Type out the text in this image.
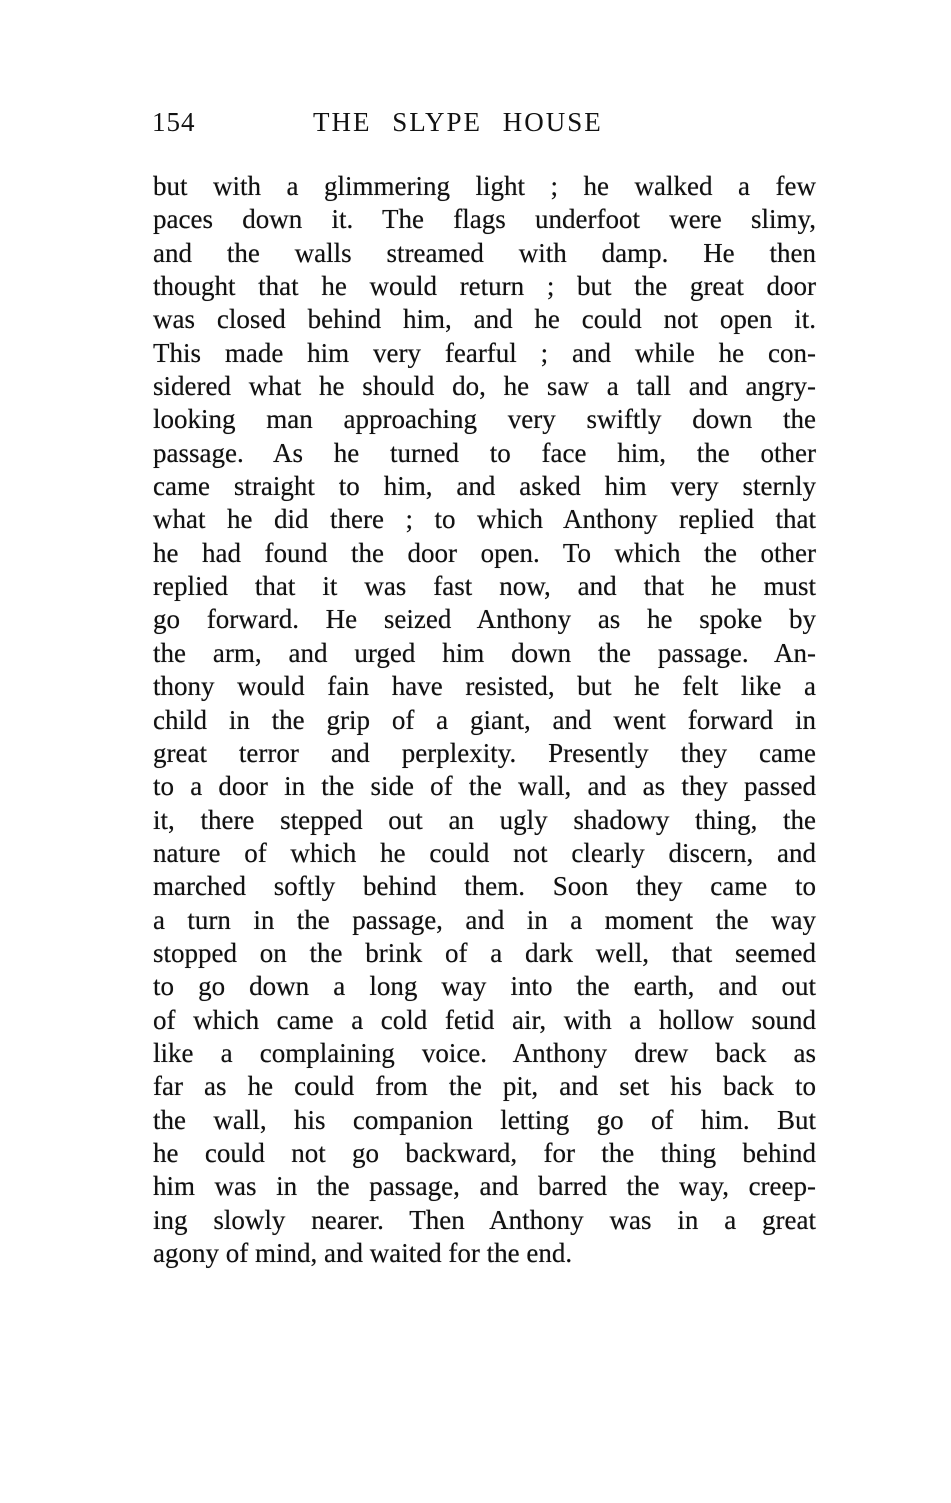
154	THE SLYPE HOUSE
but with a glimmering light ; he walked a few
paces down it. The flags underfoot were slimy,
and the walls streamed with damp. He then
thought that he would return ; but the great door
was closed behind him, and he could not open it.
This made him very fearful ; and while he con-
sidered what he should do, he saw a tall and angry-
looking man approaching very swiftly down the
passage. As he turned to face him, the other
came straight to him, and asked him very sternly
what he did there ; to which Anthony replied that
he had found the door open. To which the other
replied that it was fast now, and that he must
go forward. He seized Anthony as he spoke by
the arm, and urged him down the passage. An-
thony would fain have resisted, but he felt like a
child in the grip of a giant, and went forward in
great terror and perplexity. Presently they came
to a door in the side of the wall, and as they passed
it, there stepped out an ugly shadowy thing, the
nature of which he could not clearly discern, and
marched softly behind them. Soon they came to
a turn in the passage, and in a moment the way
stopped on the brink of a dark well, that seemed
to go down a long way into the earth, and out
of which came a cold fetid air, with a hollow sound
like a complaining voice. Anthony drew back as
far as he could from the pit, and set his back to
the wall, his companion letting go of him. But
he could not go backward, for the thing behind
him was in the passage, and barred the way, creep-
ing slowly nearer. Then Anthony was in a great
agony of mind, and waited for the end.
